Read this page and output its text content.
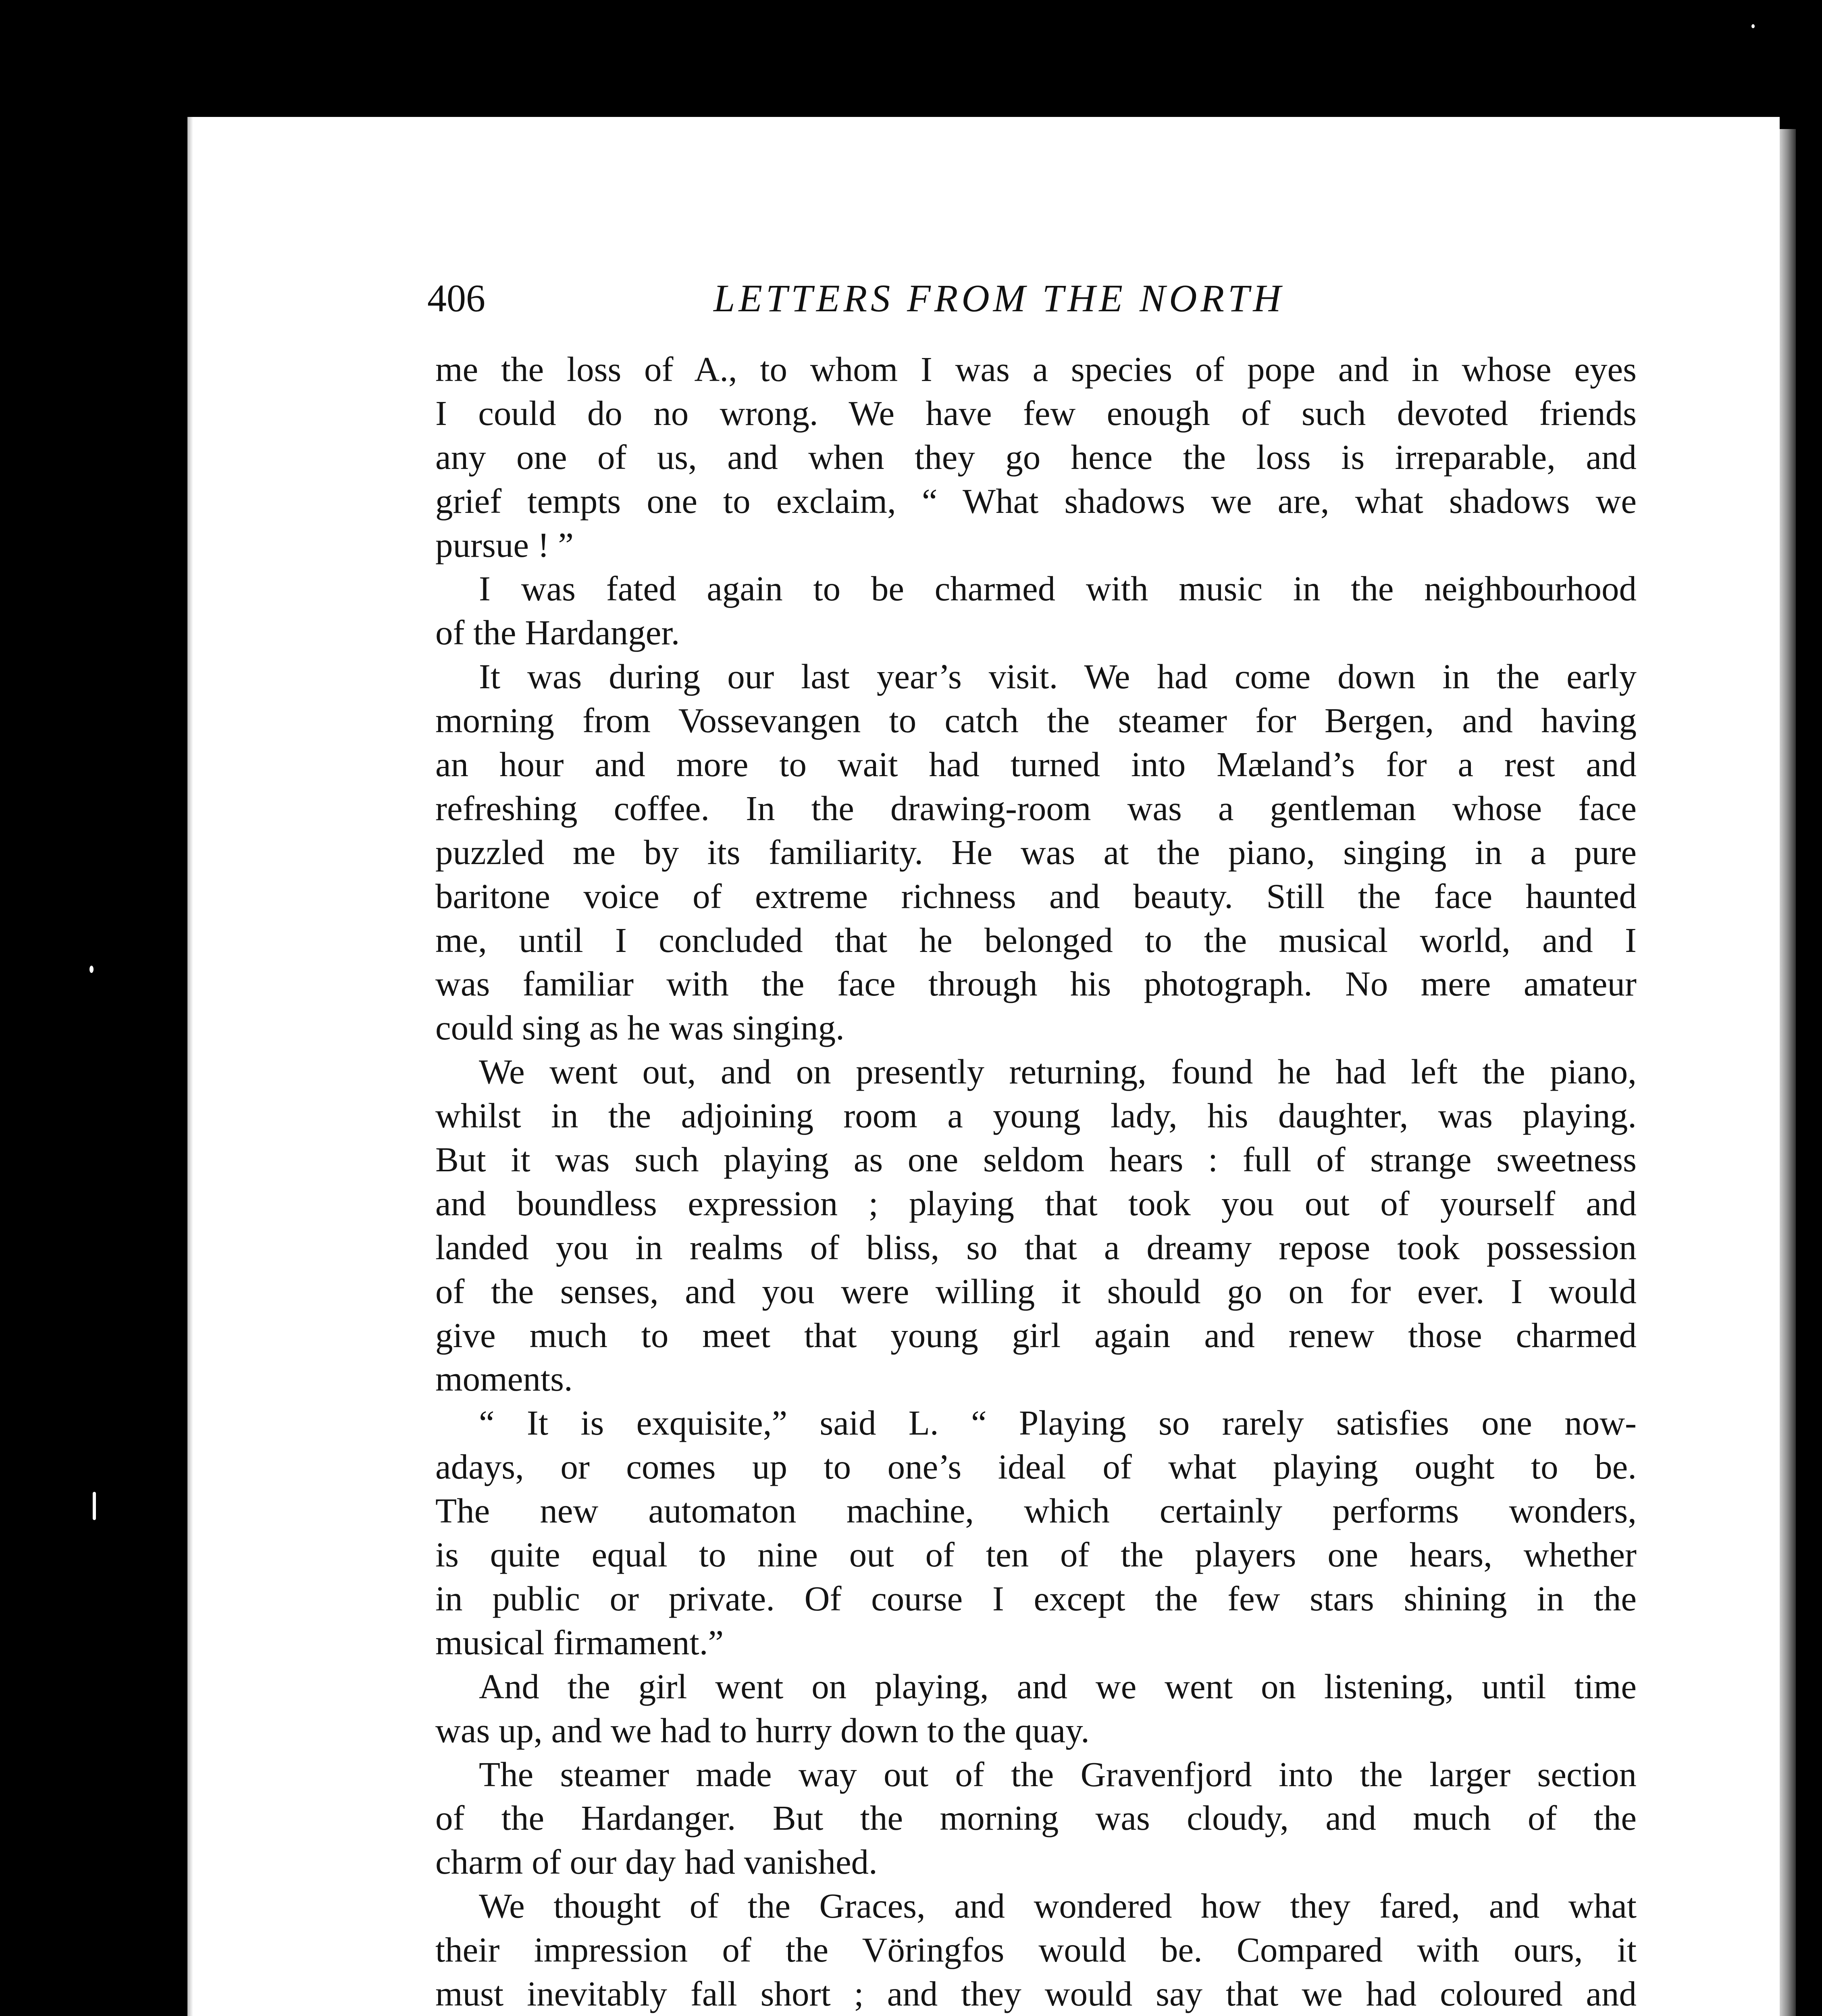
406	LETTERS FROM THE NORTH
me the loss of A., to whom I was a species of pope and in whose eyes
I could do no wrong. We have few enough of such devoted friends
any one of us, and when they go hence the loss is irreparable, and
grief tempts one to exclaim, “ What shadows we are, what shadows we
pursue ! ”
I was fated again to be charmed with music in the neighbourhood
of the Hardanger.
It was during our last year’s visit. We had come down in the early
morning from Vossevangen to catch the steamer for Bergen, and having
an hour and more to wait had turned into Mæland’s for a rest and
refreshing coffee. In the drawing-room was a gentleman whose face
puzzled me by its familiarity. He was at the piano, singing in a pure
baritone voice of extreme richness and beauty. Still the face haunted
me, until I concluded that he belonged to the musical world, and I
was familiar with the face through his photograph. No mere amateur
could sing as he was singing.
We went out, and on presently returning, found he had left the piano,
whilst in the adjoining room a young lady, his daughter, was playing.
But it was such playing as one seldom hears : full of strange sweetness
and boundless expression ; playing that took you out of yourself and
landed you in realms of bliss, so that a dreamy repose took possession
of the senses, and you were willing it should go on for ever. I would
give much to meet that young girl again and renew those charmed
moments.
“ It is exquisite,” said L. “ Playing so rarely satisfies one now-
adays, or comes up to one’s ideal of what playing ought to be.
The new automaton machine, which certainly performs wonders,
is quite equal to nine out of ten of the players one hears, whether
in public or private. Of course I except the few stars shining in the
musical firmament.”
And the girl went on playing, and we went on listening, until time
was up, and we had to hurry down to the quay.
The steamer made way out of the Gravenfjord into the larger section
of the Hardanger. But the morning was cloudy, and much of the
charm of our day had vanished.
We thought of the Graces, and wondered how they fared, and what
their impression of the Vöringfos would be. Compared with ours, it
must inevitably fall short ; and they would say that we had coloured and
